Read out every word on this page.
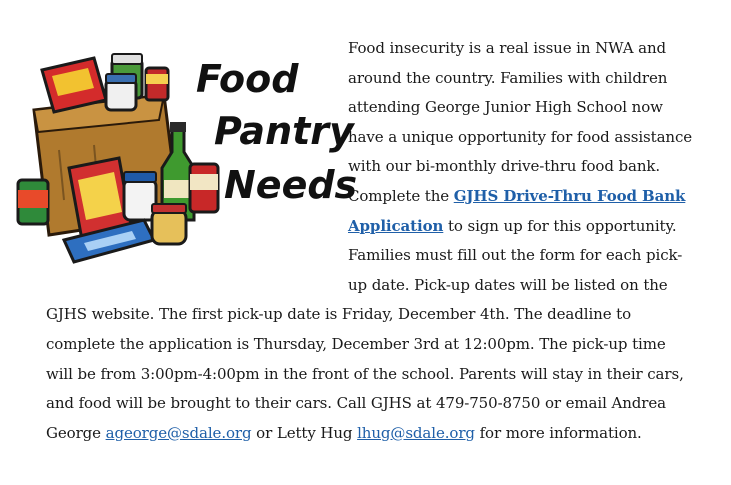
Food insecurity is a real issue in NWA and around the country. Families with children attending George Junior High School now have a unique opportunity for food assistance with our bi-monthly drive-thru food bank. Complete the GJHS Drive-Thru Food Bank Application to sign up for this opportunity. Families must fill out the form for each pick-up date. Pick-up dates will be listed on the GJHS website. The first pick-up date is Friday, December 4th. The deadline to complete the application is Thursday, December 3rd at 12:00pm. The pick-up time will be from 3:00pm-4:00pm in the front of the school. Parents will stay in their cars, and food will be brought to their cars. Call GJHS at 479-750-8750 or email Andrea George ageorge@sdale.org or Letty Hug lhug@sdale.org for more information.
Food
Pantry
Needs
